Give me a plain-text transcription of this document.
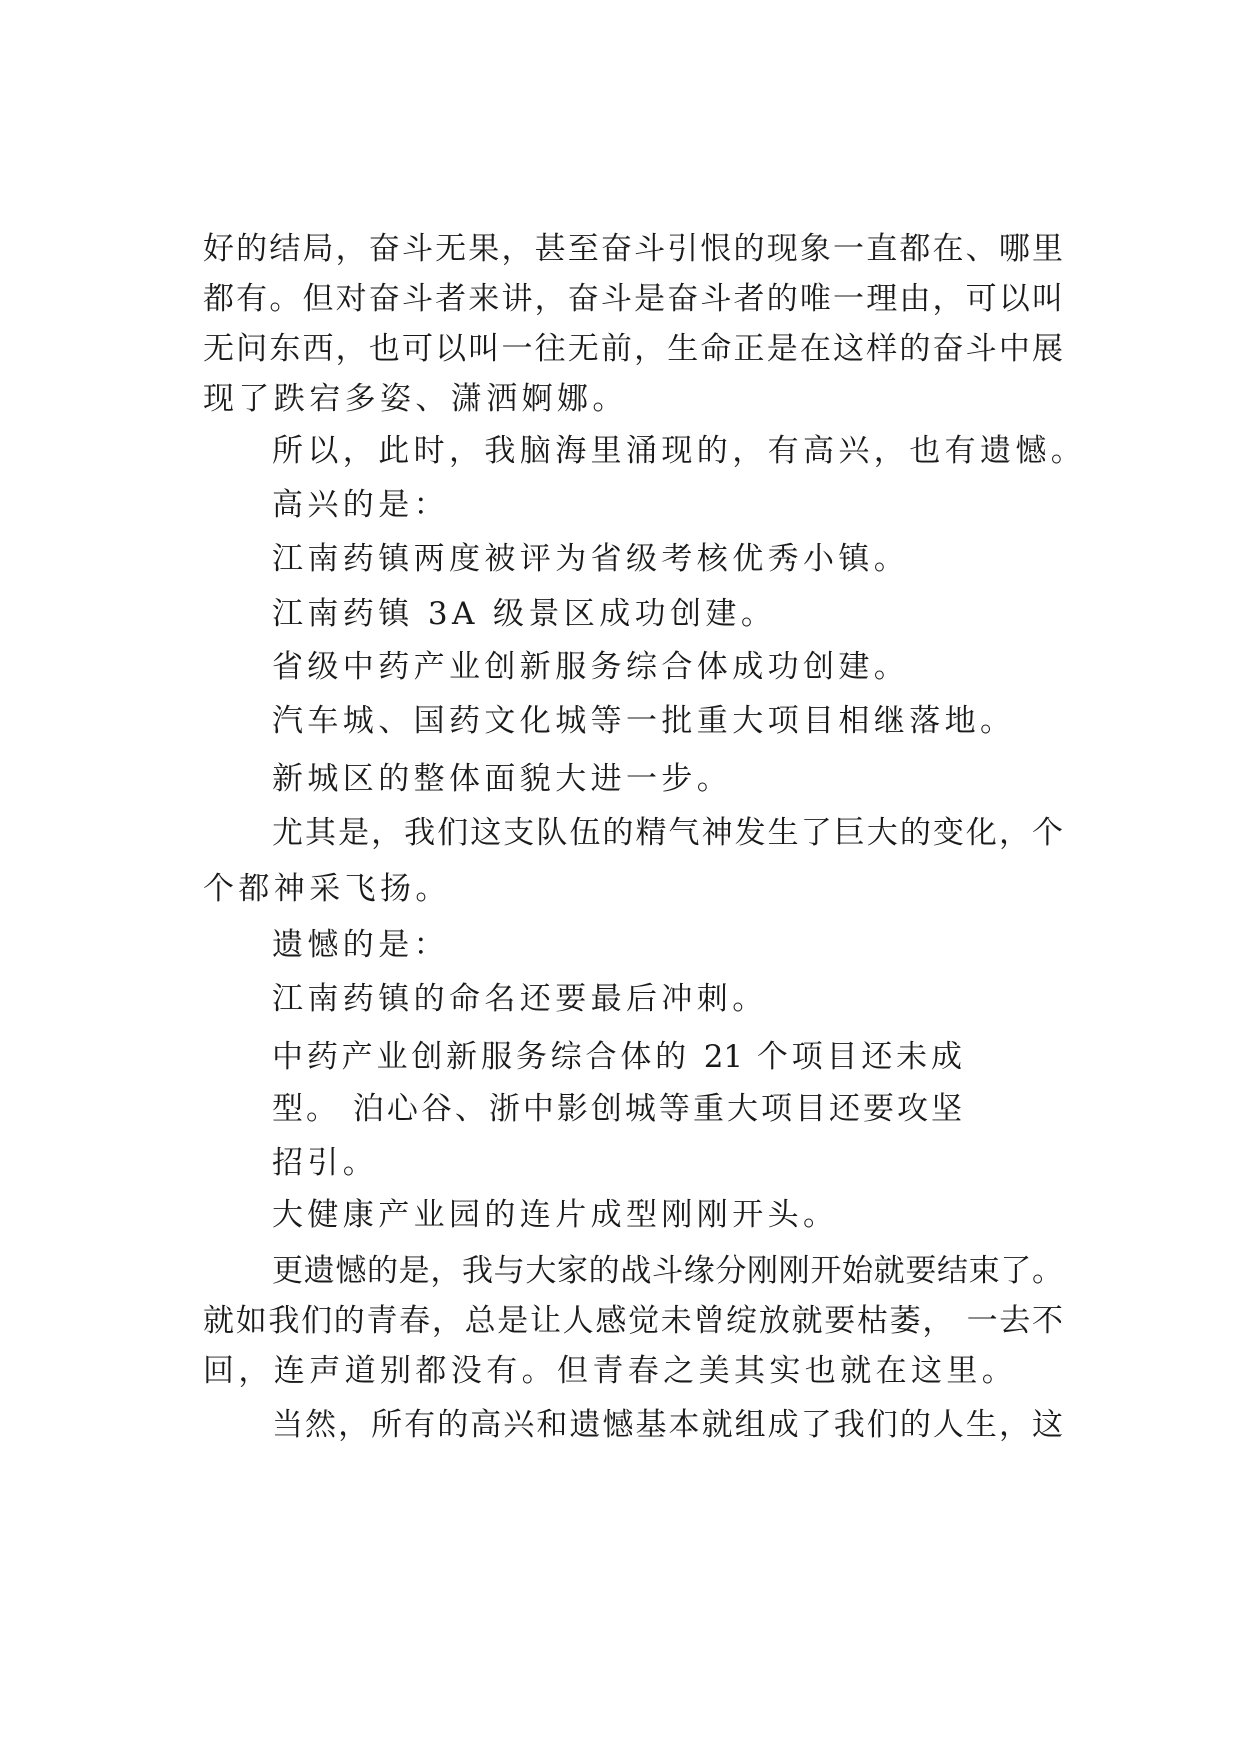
好的结局，奋斗无果，甚至奋斗引恨的现象一直都在、哪里
都有。但对奋斗者来讲，奋斗是奋斗者的唯一理由，可以叫
无问东西，也可以叫一往无前，生命正是在这样的奋斗中展
现了跌宕多姿、潇洒婀娜。
所以，此时，我脑海里涌现的，有高兴，也有遗憾。
高兴的是：
江南药镇两度被评为省级考核优秀小镇。
江南药镇 3A 级景区成功创建。
省级中药产业创新服务综合体成功创建。
汽车城、国药文化城等一批重大项目相继落地。
新城区的整体面貌大进一步。
尤其是，我们这支队伍的精气神发生了巨大的变化，个
个都神采飞扬。
遗憾的是：
江南药镇的命名还要最后冲刺。
中药产业创新服务综合体的 21 个项目还未成
型。 泊心谷、浙中影创城等重大项目还要攻坚
招引。
大健康产业园的连片成型刚刚开头。
更遗憾的是，我与大家的战斗缘分刚刚开始就要结束了。
就如我们的青春，总是让人感觉未曾绽放就要枯萎， 一去不
回，连声道别都没有。但青春之美其实也就在这里。
当然，所有的高兴和遗憾基本就组成了我们的人生，这
